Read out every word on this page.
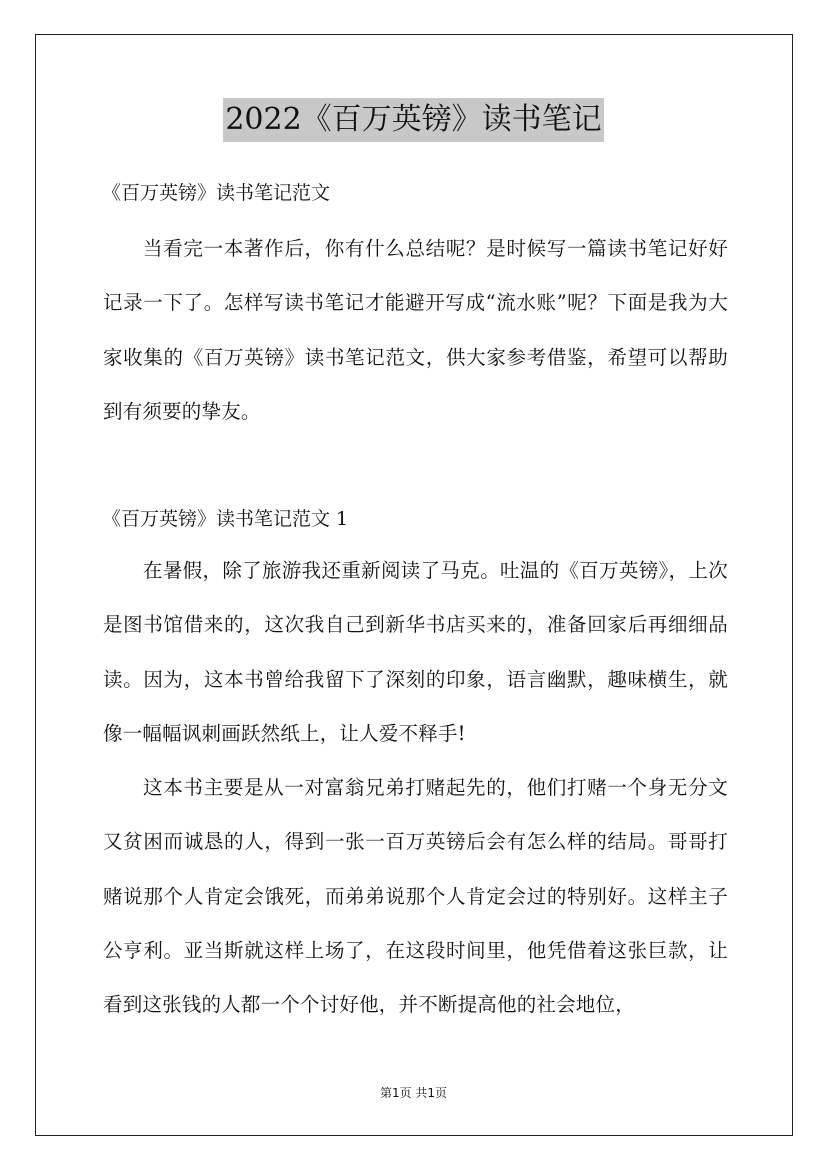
2022《百万英镑》读书笔记

《百万英镑》读书笔记范文

当看完一本著作后，你有什么总结呢？是时候写一篇读书笔记好好记录一下了。怎样写读书笔记才能避开写成“流水账”呢？下面是我为大家收集的《百万英镑》读书笔记范文，供大家参考借鉴，希望可以帮助到有须要的挚友。

《百万英镑》读书笔记范文 1

在暑假，除了旅游我还重新阅读了马克。吐温的《百万英镑》，上次是图书馆借来的，这次我自己到新华书店买来的，准备回家后再细细品读。因为，这本书曾给我留下了深刻的印象，语言幽默，趣味横生，就像一幅幅讽刺画跃然纸上，让人爱不释手!

这本书主要是从一对富翁兄弟打赌起先的，他们打赌一个身无分文又贫困而诚恳的人，得到一张一百万英镑后会有怎么样的结局。哥哥打赌说那个人肯定会饿死，而弟弟说那个人肯定会过的特别好。这样主子公亨利。亚当斯就这样上场了，在这段时间里，他凭借着这张巨款，让看到这张钱的人都一个个讨好他，并不断提高他的社会地位，

第1页 共1页
